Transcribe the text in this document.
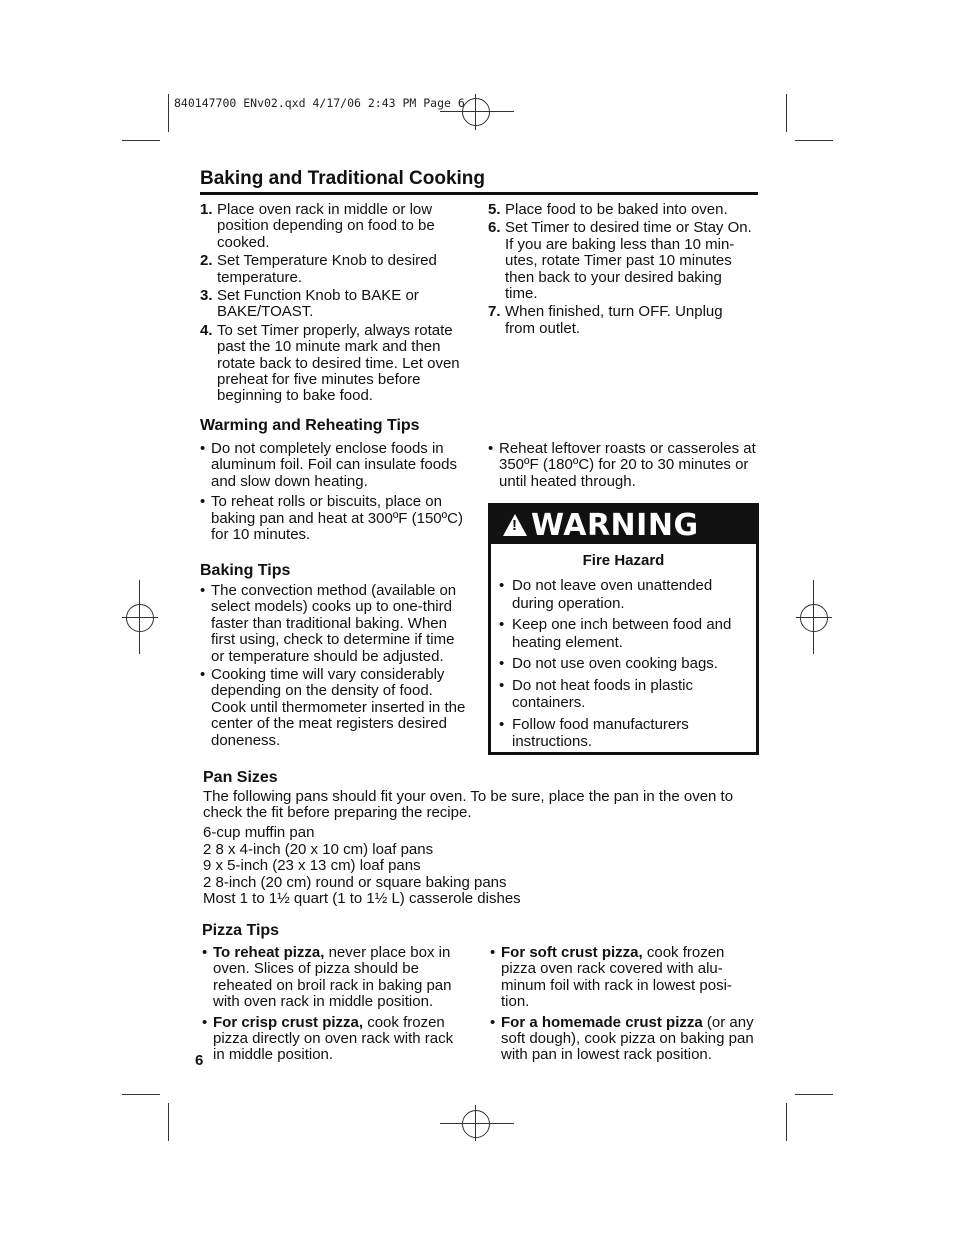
840147700 ENv02.qxd 4/17/06 2:43 PM Page 6
Baking and Traditional Cooking
1. Place oven rack in middle or low position depending on food to be cooked.
2. Set Temperature Knob to desired temperature.
3. Set Function Knob to BAKE or BAKE/TOAST.
4. To set Timer properly, always rotate past the 10 minute mark and then rotate back to desired time. Let oven preheat for five minutes before beginning to bake food.
5. Place food to be baked into oven.
6. Set Timer to desired time or Stay On. If you are baking less than 10 min- utes, rotate Timer past 10 minutes then back to your desired baking time.
7. When finished, turn OFF. Unplug from outlet.
Warming and Reheating Tips
• Do not completely enclose foods in aluminum foil. Foil can insulate foods and slow down heating.
• To reheat rolls or biscuits, place on baking pan and heat at 300ºF (150ºC) for 10 minutes.
• Reheat leftover roasts or casseroles at 350ºF (180ºC) for 20 to 30 minutes or until heated through.
Baking Tips
• The convection method (available on select models) cooks up to one-third faster than traditional baking. When first using, check to determine if time or temperature should be adjusted.
• Cooking time will vary considerably depending on the density of food. Cook until thermometer inserted in the center of the meat registers desired doneness.
! WARNING
Fire Hazard
• Do not leave oven unattended during operation.
• Keep one inch between food and heating element.
• Do not use oven cooking bags.
• Do not heat foods in plastic containers.
• Follow food manufacturers instructions.
Pan Sizes
The following pans should fit your oven. To be sure, place the pan in the oven to check the fit before preparing the recipe.
6-cup muffin pan
2 8 x 4-inch (20 x 10 cm) loaf pans
9 x 5-inch (23 x 13 cm) loaf pans
2 8-inch (20 cm) round or square baking pans
Most 1 to 1½ quart (1 to 1½ L) casserole dishes
Pizza Tips
• To reheat pizza, never place box in oven. Slices of pizza should be reheated on broil rack in baking pan with oven rack in middle position.
• For crisp crust pizza, cook frozen pizza directly on oven rack with rack in middle position.
• For soft crust pizza, cook frozen pizza oven rack covered with alu- minum foil with rack in lowest posi- tion.
• For a homemade crust pizza (or any soft dough), cook pizza on baking pan with pan in lowest rack position.
6
